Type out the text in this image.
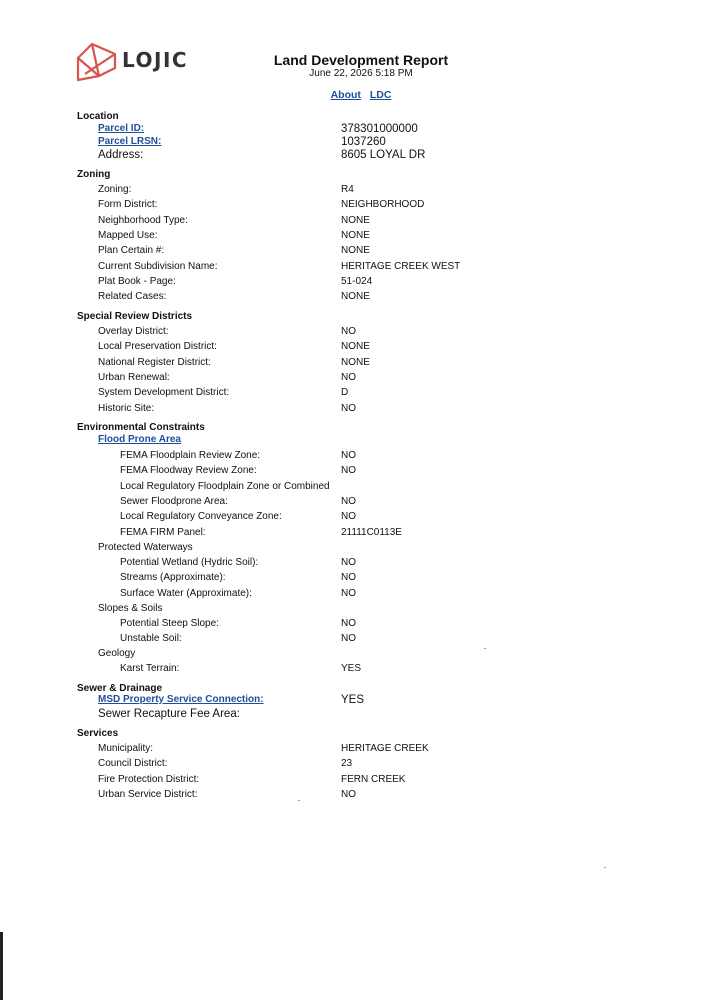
LOJIC	Land Development Report
June 22, 2026 5:18 PM
About LDC
Location
Parcel ID:	378301000000
Parcel LRSN:	1037260
Address:	8605 LOYAL DR
Zoning
Zoning:	R4
Form District:	NEIGHBORHOOD
Neighborhood Type:	NONE
Mapped Use:	NONE
Plan Certain #:	NONE
Current Subdivision Name:	HERITAGE CREEK WEST
Plat Book - Page:	51-024
Related Cases:	NONE
Special Review Districts
Overlay District:	NO
Local Preservation District:	NONE
National Register District:	NONE
Urban Renewal:	NO
System Development District:	D
Historic Site:	NO
Environmental Constraints
Flood Prone Area
FEMA Floodplain Review Zone:	NO
FEMA Floodway Review Zone:	NO
Local Regulatory Floodplain Zone or Combined
Sewer Floodprone Area:	NO
Local Regulatory Conveyance Zone:	NO
FEMA FIRM Panel:	21111C0113E
Protected Waterways
Potential Wetland (Hydric Soil):	NO
Streams (Approximate):	NO
Surface Water (Approximate):	NO
Slopes & Soils
Potential Steep Slope:	NO
Unstable Soil:	NO
Geology
Karst Terrain:	YES
Sewer & Drainage
MSD Property Service Connection:	YES
Sewer Recapture Fee Area:
Services
Municipality:	HERITAGE CREEK
Council District:	23
Fire Protection District:	FERN CREEK
Urban Service District:	NO
